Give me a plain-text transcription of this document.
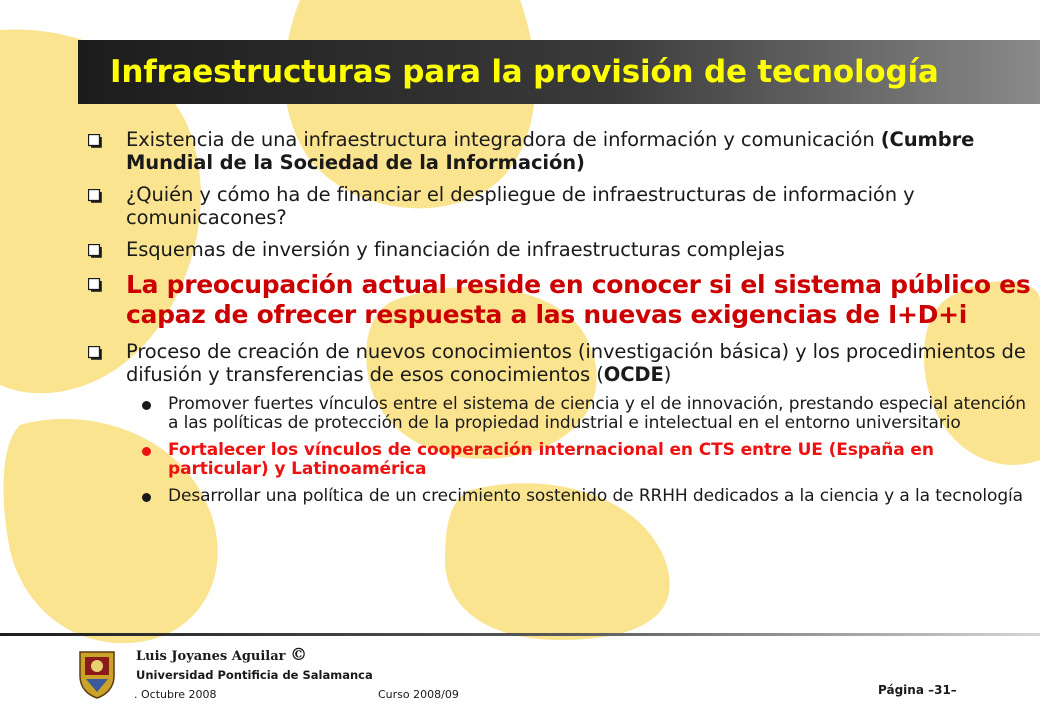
Infraestructuras para la provisión de tecnología
Existencia de una infraestructura integradora de información y comunicación (Cumbre Mundial de la Sociedad de la Información)
¿Quién y cómo ha de financiar el despliegue de infraestructuras de información y comunicacones?
Esquemas de inversión y financiación de infraestructuras complejas
La preocupación actual reside en conocer si el sistema público es capaz de ofrecer respuesta a las nuevas exigencias de I+D+i
Proceso de creación de nuevos conocimientos (investigación básica) y los procedimientos de difusión y transferencias de esos conocimientos (OCDE)
Promover fuertes vínculos entre el sistema de ciencia y el de innovación, prestando especial atención a las políticas de protección de la propiedad industrial e intelectual en el entorno universitario
Fortalecer los vínculos de cooperación internacional en CTS entre UE (España en particular) y Latinoamérica
Desarrollar una política de un crecimiento sostenido de RRHH dedicados a la ciencia y a la tecnología
Luis Joyanes Aguilar ©
Universidad Pontificia de Salamanca
. Octubre 2008	Curso 2008/09	Página –31–
